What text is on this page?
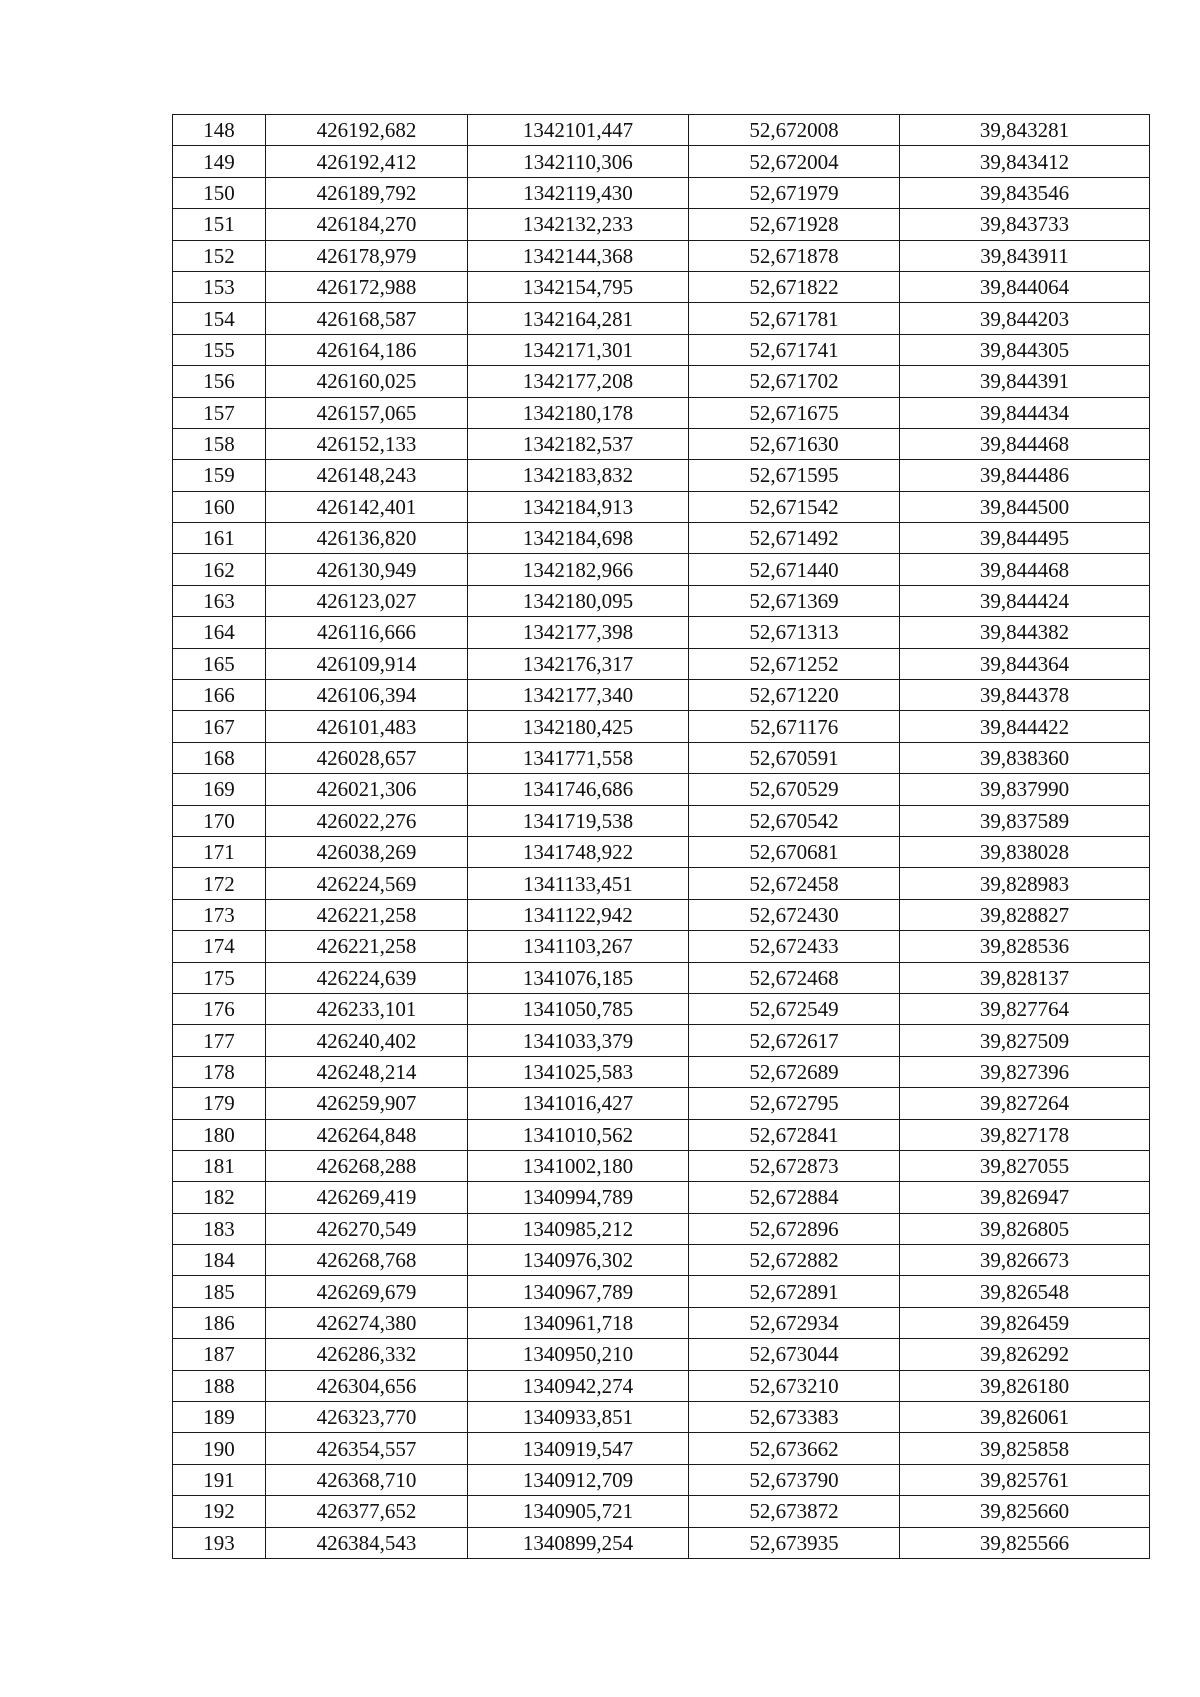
148	426192,682	1342101,447	52,672008	39,843281
149	426192,412	1342110,306	52,672004	39,843412
150	426189,792	1342119,430	52,671979	39,843546
151	426184,270	1342132,233	52,671928	39,843733
152	426178,979	1342144,368	52,671878	39,843911
153	426172,988	1342154,795	52,671822	39,844064
154	426168,587	1342164,281	52,671781	39,844203
155	426164,186	1342171,301	52,671741	39,844305
156	426160,025	1342177,208	52,671702	39,844391
157	426157,065	1342180,178	52,671675	39,844434
158	426152,133	1342182,537	52,671630	39,844468
159	426148,243	1342183,832	52,671595	39,844486
160	426142,401	1342184,913	52,671542	39,844500
161	426136,820	1342184,698	52,671492	39,844495
162	426130,949	1342182,966	52,671440	39,844468
163	426123,027	1342180,095	52,671369	39,844424
164	426116,666	1342177,398	52,671313	39,844382
165	426109,914	1342176,317	52,671252	39,844364
166	426106,394	1342177,340	52,671220	39,844378
167	426101,483	1342180,425	52,671176	39,844422
168	426028,657	1341771,558	52,670591	39,838360
169	426021,306	1341746,686	52,670529	39,837990
170	426022,276	1341719,538	52,670542	39,837589
171	426038,269	1341748,922	52,670681	39,838028
172	426224,569	1341133,451	52,672458	39,828983
173	426221,258	1341122,942	52,672430	39,828827
174	426221,258	1341103,267	52,672433	39,828536
175	426224,639	1341076,185	52,672468	39,828137
176	426233,101	1341050,785	52,672549	39,827764
177	426240,402	1341033,379	52,672617	39,827509
178	426248,214	1341025,583	52,672689	39,827396
179	426259,907	1341016,427	52,672795	39,827264
180	426264,848	1341010,562	52,672841	39,827178
181	426268,288	1341002,180	52,672873	39,827055
182	426269,419	1340994,789	52,672884	39,826947
183	426270,549	1340985,212	52,672896	39,826805
184	426268,768	1340976,302	52,672882	39,826673
185	426269,679	1340967,789	52,672891	39,826548
186	426274,380	1340961,718	52,672934	39,826459
187	426286,332	1340950,210	52,673044	39,826292
188	426304,656	1340942,274	52,673210	39,826180
189	426323,770	1340933,851	52,673383	39,826061
190	426354,557	1340919,547	52,673662	39,825858
191	426368,710	1340912,709	52,673790	39,825761
192	426377,652	1340905,721	52,673872	39,825660
193	426384,543	1340899,254	52,673935	39,825566
